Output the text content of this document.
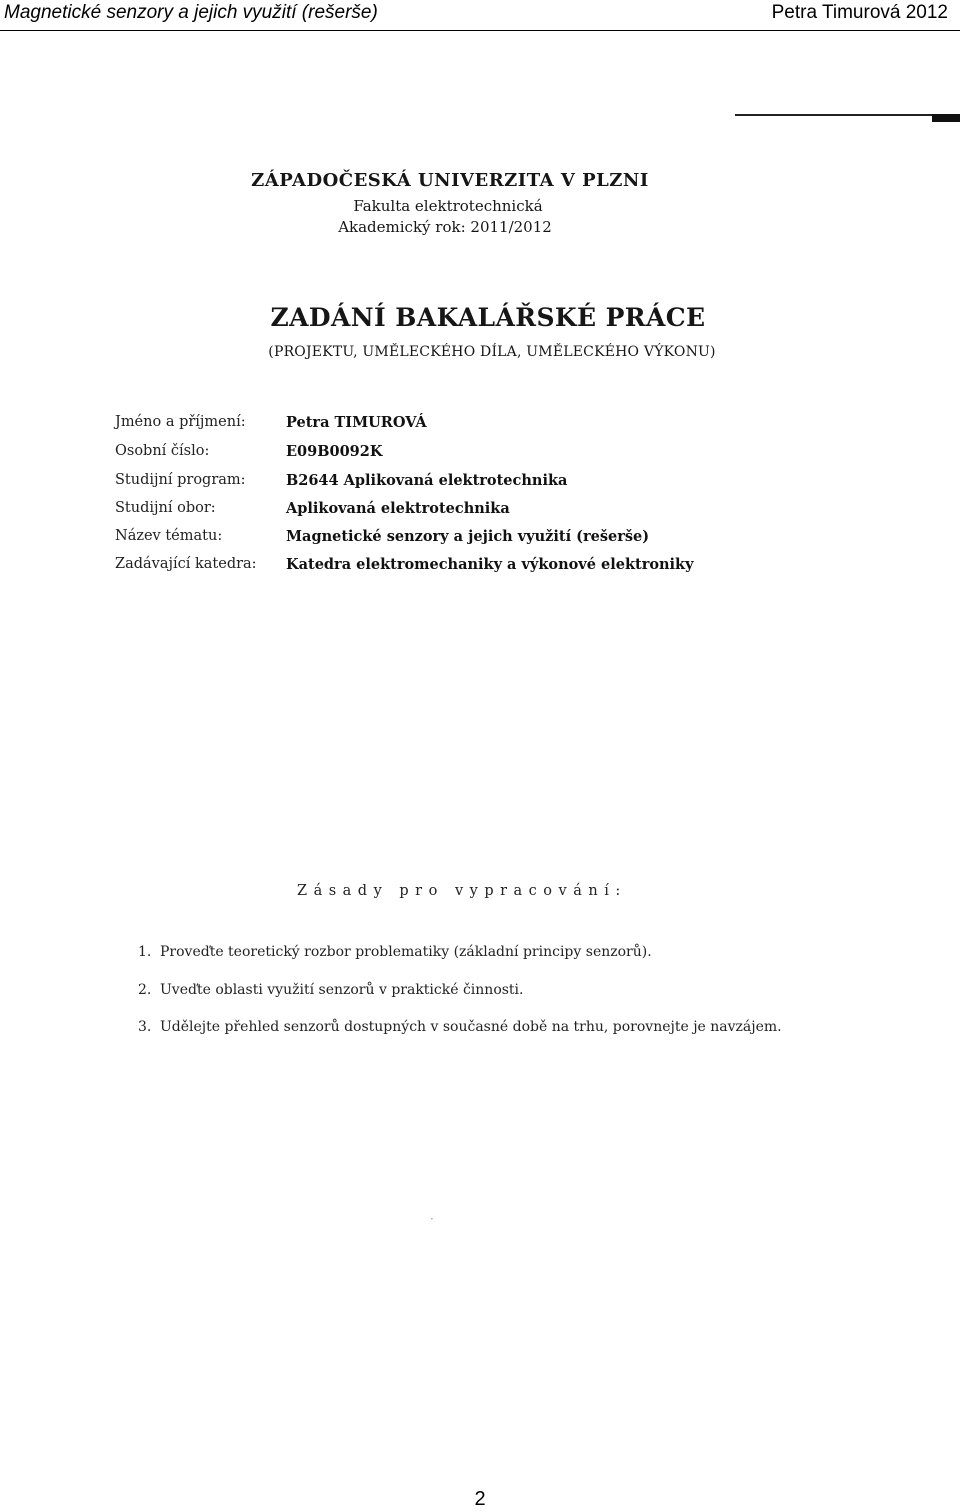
Magnetické senzory a jejich využití (rešerše)	Petra Timurová 2012
ZÁPADOČESKÁ UNIVERZITA V PLZNI
Fakulta elektrotechnická
Akademický rok: 2011/2012
ZADÁNÍ BAKALÁŘSKÉ PRÁCE
(PROJEKTU, UMĚLECKÉHO DÍLA, UMĚLECKÉHO VÝKONU)
Jméno a příjmení:	Petra TIMUROVÁ
Osobní číslo:	E09B0092K
Studijní program:	B2644 Aplikovaná elektrotechnika
Studijní obor:	Aplikovaná elektrotechnika
Název tématu:	Magnetické senzory a jejich využití (rešerše)
Zadávající katedra: Katedra elektromechaniky a výkonové elektroniky
Zásady pro vypracování:
1. Proveďte teoretický rozbor problematiky (základní principy senzorů).
2. Uveďte oblasti využití senzorů v praktické činnosti.
3. Udělejte přehled senzorů dostupných v současné době na trhu, porovnejte je navzájem.
·
2
